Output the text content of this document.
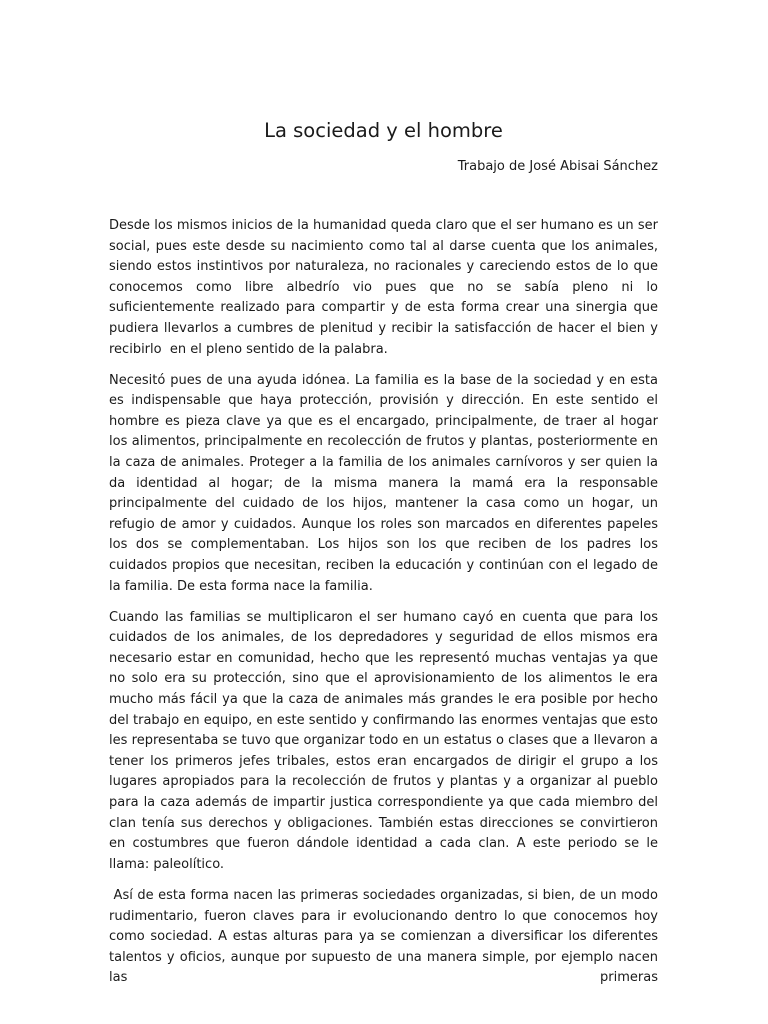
La sociedad y el hombre

Trabajo de José Abisai Sánchez

Desde los mismos inicios de la humanidad queda claro que el ser humano es un ser social, pues este desde su nacimiento como tal al darse cuenta que los animales, siendo estos instintivos por naturaleza, no racionales y careciendo estos de lo que conocemos como libre albedrío vio pues que no se sabía pleno ni lo suficientemente realizado para compartir y de esta forma crear una sinergia que pudiera llevarlos a cumbres de plenitud y recibir la satisfacción de hacer el bien y recibirlo  en el pleno sentido de la palabra.

Necesitó pues de una ayuda idónea. La familia es la base de la sociedad y en esta es indispensable que haya protección, provisión y dirección. En este sentido el hombre es pieza clave ya que es el encargado, principalmente, de traer al hogar los alimentos, principalmente en recolección de frutos y plantas, posteriormente en la caza de animales. Proteger a la familia de los animales carnívoros y ser quien la da identidad al hogar; de la misma manera la mamá era la responsable principalmente del cuidado de los hijos, mantener la casa como un hogar, un refugio de amor y cuidados. Aunque los roles son marcados en diferentes papeles los dos se complementaban. Los hijos son los que reciben de los padres los cuidados propios que necesitan, reciben la educación y continúan con el legado de la familia. De esta forma nace la familia.

Cuando las familias se multiplicaron el ser humano cayó en cuenta que para los cuidados de los animales, de los depredadores y seguridad de ellos mismos era necesario estar en comunidad, hecho que les representó muchas ventajas ya que no solo era su protección, sino que el aprovisionamiento de los alimentos le era mucho más fácil ya que la caza de animales más grandes le era posible por hecho del trabajo en equipo, en este sentido y confirmando las enormes ventajas que esto les representaba se tuvo que organizar todo en un estatus o clases que a llevaron a tener los primeros jefes tribales, estos eran encargados de dirigir el grupo a los lugares apropiados para la recolección de frutos y plantas y a organizar al pueblo para la caza además de impartir justica correspondiente ya que cada miembro del clan tenía sus derechos y obligaciones. También estas direcciones se convirtieron en costumbres que fueron dándole identidad a cada clan. A este periodo se le llama: paleolítico.

Así de esta forma nacen las primeras sociedades organizadas, si bien, de un modo rudimentario, fueron claves para ir evolucionando dentro lo que conocemos hoy como sociedad. A estas alturas para ya se comienzan a diversificar los diferentes talentos y oficios, aunque por supuesto de una manera simple, por ejemplo nacen las primeras
